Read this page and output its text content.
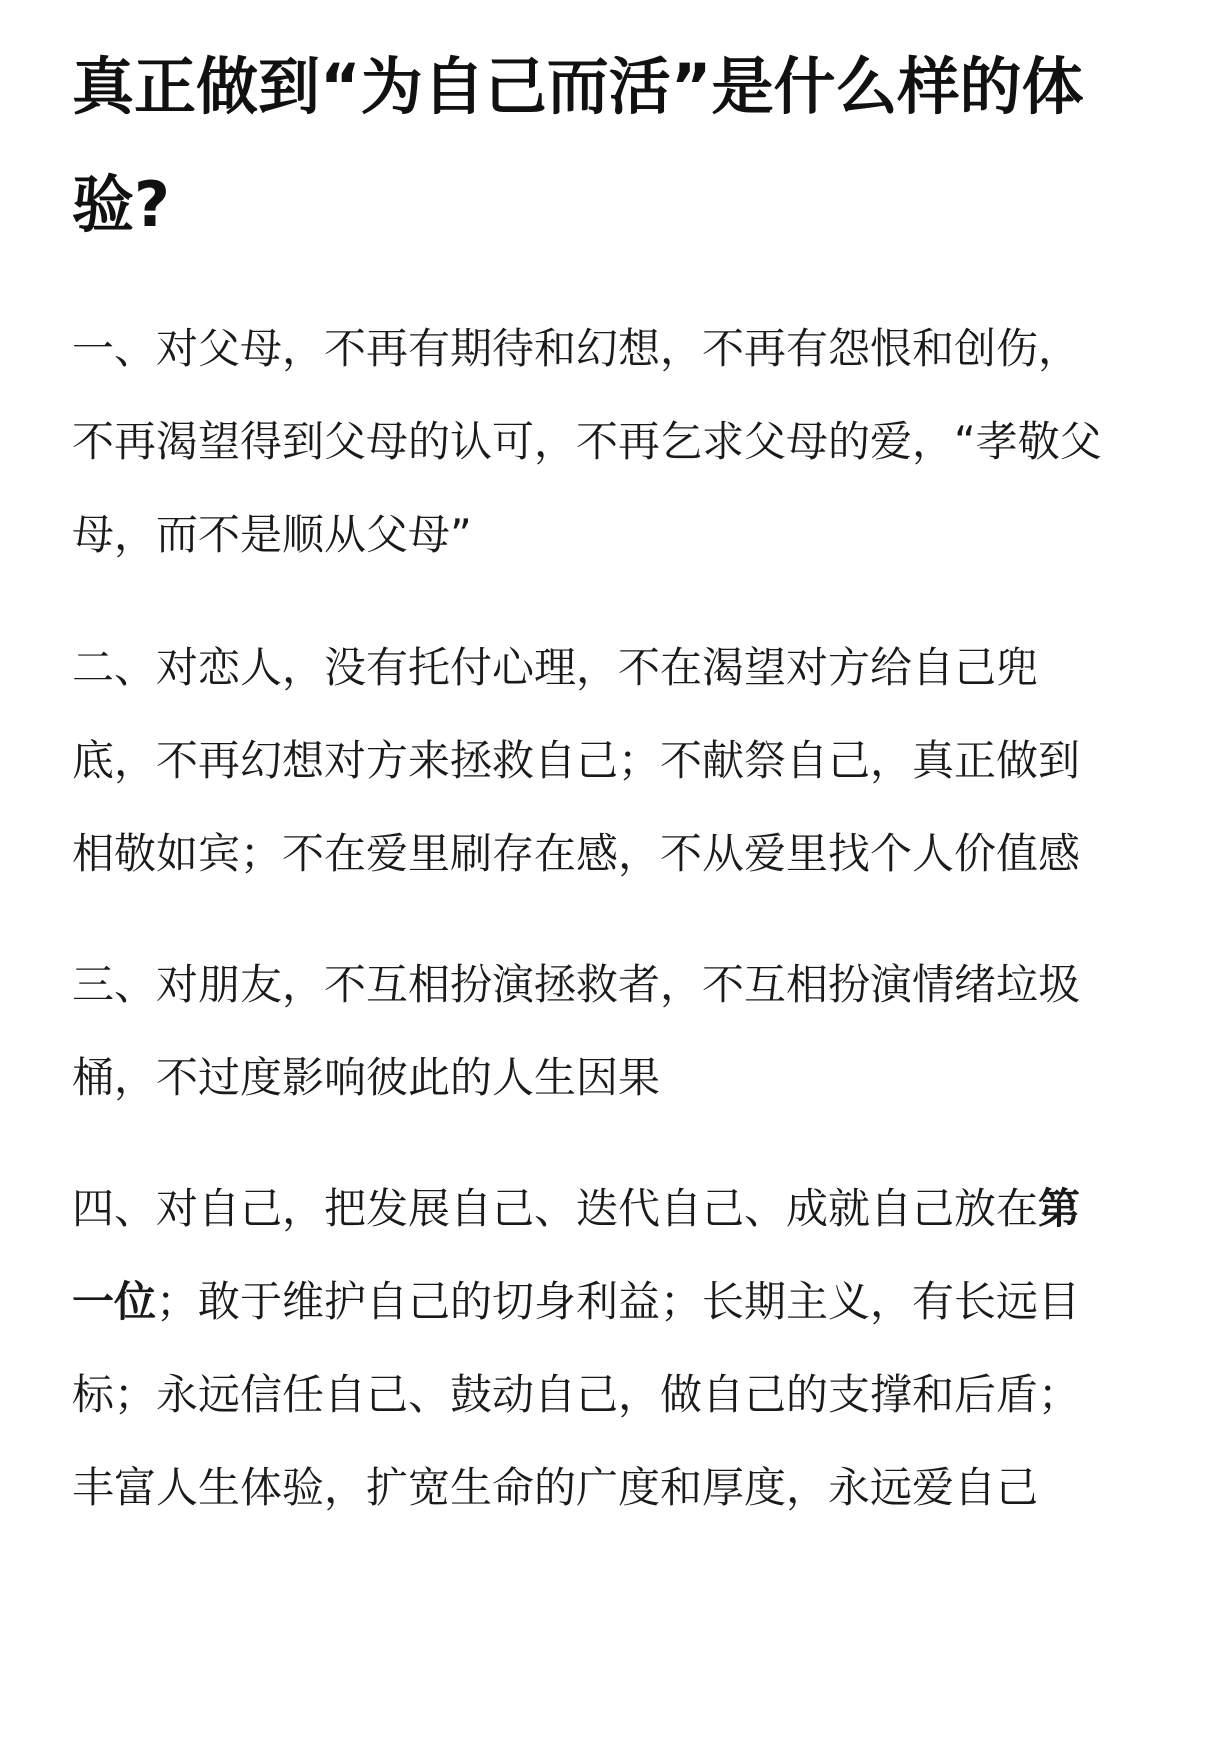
真正做到“为自己而活”是什么样的体验?

一、对父母，不再有期待和幻想，不再有怨恨和创伤，不再渴望得到父母的认可，不再乞求父母的爱，“孝敬父母，而不是顺从父母”

二、对恋人，没有托付心理，不在渴望对方给自己兜底，不再幻想对方来拯救自己；不献祭自己，真正做到相敬如宾；不在爱里刷存在感，不从爱里找个人价值感

三、对朋友，不互相扮演拯救者，不互相扮演情绪垃圾桶，不过度影响彼此的人生因果

四、对自己，把发展自己、迭代自己、成就自己放在第一位；敢于维护自己的切身利益；长期主义，有长远目标；永远信任自己、鼓动自己，做自己的支撑和后盾；丰富人生体验，扩宽生命的广度和厚度，永远爱自己
